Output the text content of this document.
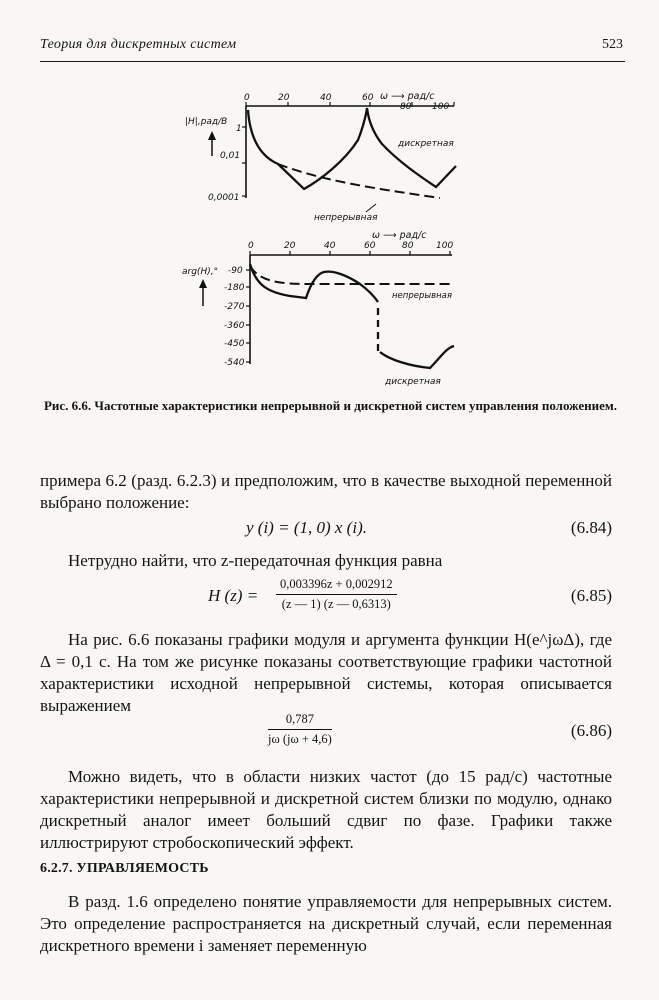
Теория для дискретных систем	523
0	20	40	60
80 100
ω ⟶ рад/с
|H|,рад/В
1
0,01
0,0001
дискретная
непрерывная
0	20	40	60	80	100
ω ⟶ рад/с
arg(H),° -90
-180
-270
-360
-450
-540
непрерывная
дискретная
Рис. 6.6. Частотные характеристики непрерывной и дискретной систем управления положением.
примера 6.2 (разд. 6.2.3) и предположим, что в качестве выходной переменной выбрано положение:
y (i) = (1, 0) x (i).	(6.84)
Нетрудно найти, что z-передаточная функция равна
H $(z) = \frac{0,003396z + 0,002912}{(z — 1) (z — 0,6313)}$	(6.85)
На рис. 6.6 показаны графики модуля и аргумента функции H(e^jωΔ), где Δ = 0,1 с. На том же рисунке показаны соответствующие графики частотной характеристики исходной непрерывной системы, которая описывается выражением
$\frac{0,787}{j\omega (j\omega + 4,6)}$	(6.86)
Можно видеть, что в области низких частот (до 15 рад/с) частотные характеристики непрерывной и дискретной систем близки по модулю, однако дискретный аналог имеет больший сдвиг по фазе. Графики также иллюстрируют стробоскопический эффект.
6.2.7. УПРАВЛЯЕМОСТЬ
В разд. 1.6 определено понятие управляемости для непрерывных систем. Это определение распространяется на дискретный случай, если переменная дискретного времени i заменяет переменную
